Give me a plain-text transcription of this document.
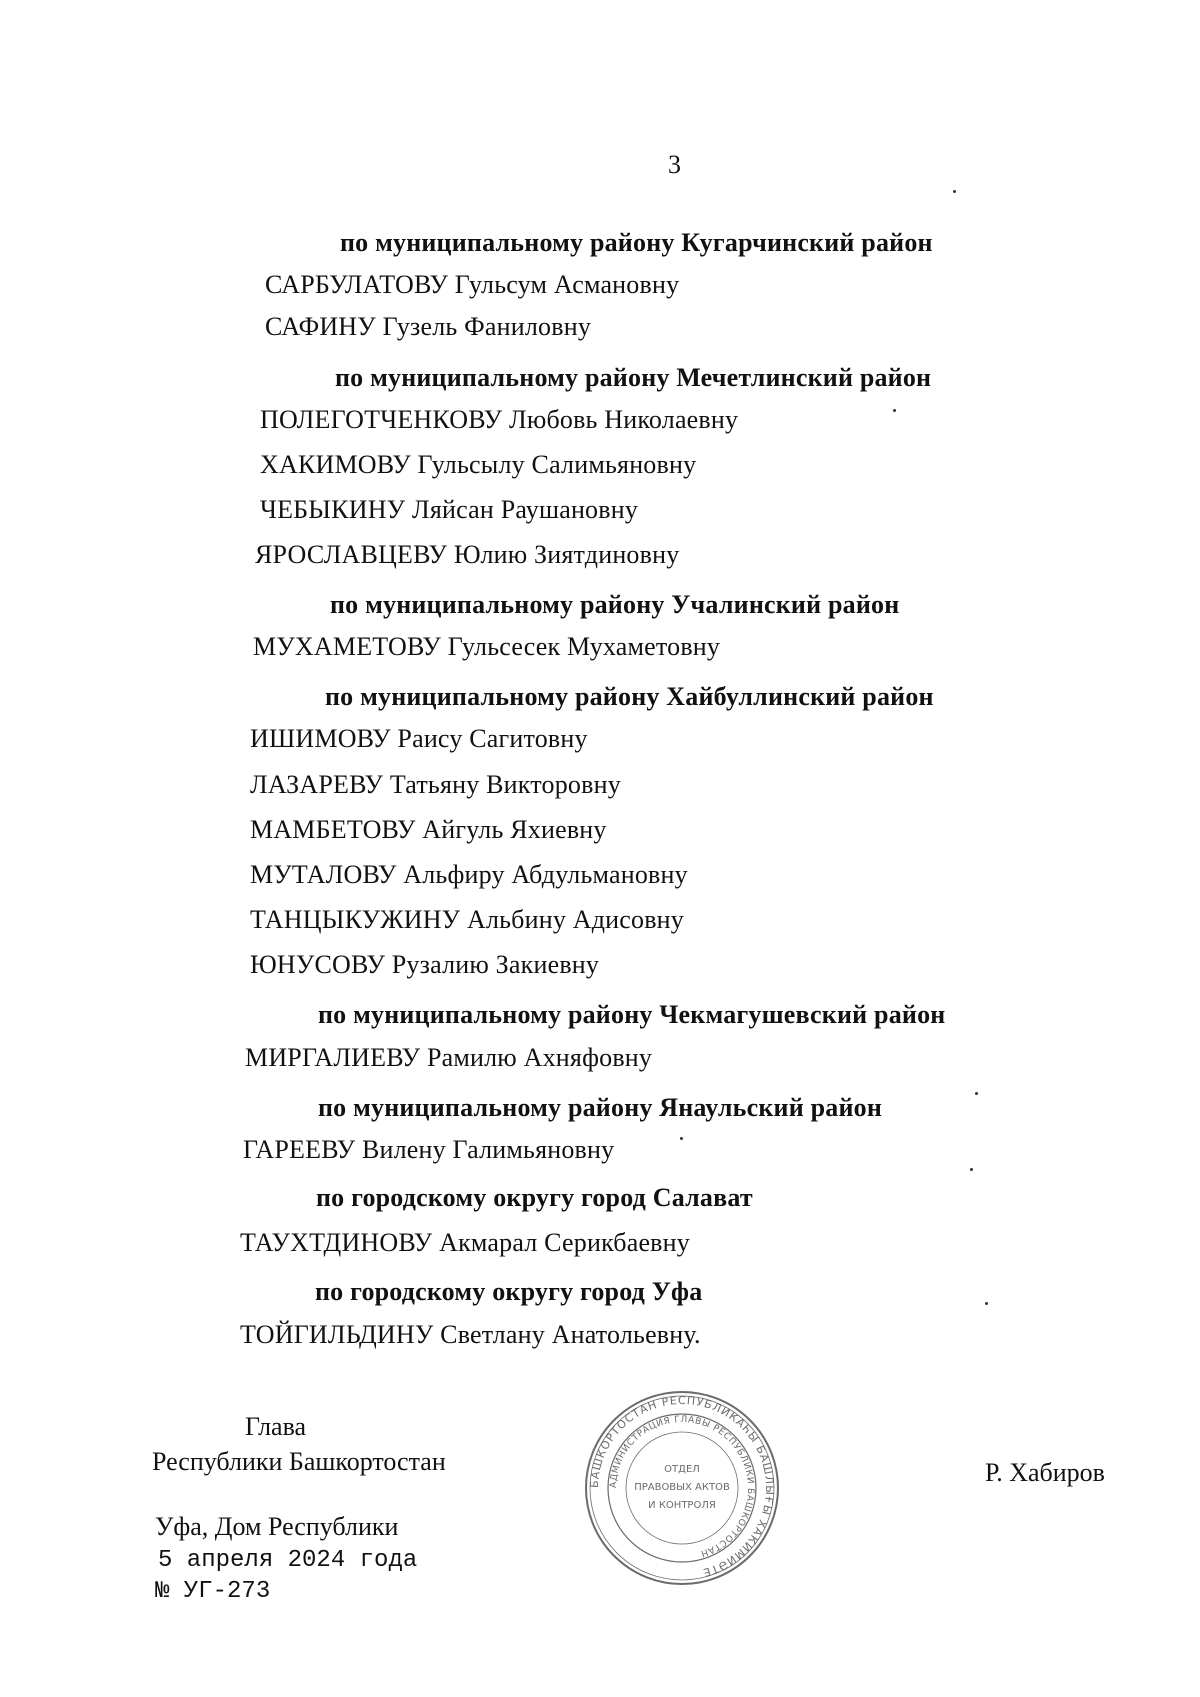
3
по муниципальному району Кугарчинский район
САРБУЛАТОВУ Гульсум Асмановну
САФИНУ Гузель Фаниловну
по муниципальному району Мечетлинский район
ПОЛЕГОТЧЕНКОВУ Любовь Николаевну
ХАКИМОВУ Гульсылу Салимьяновну
ЧЕБЫКИНУ Ляйсан Раушановну
ЯРОСЛАВЦЕВУ Юлию Зиятдиновну
по муниципальному району Учалинский район
МУХАМЕТОВУ Гульсесек Мухаметовну
по муниципальному району Хайбуллинский район
ИШИМОВУ Раису Сагитовну
ЛАЗАРЕВУ Татьяну Викторовну
МАМБЕТОВУ Айгуль Яхиевну
МУТАЛОВУ Альфиру Абдульмановну
ТАНЦЫКУЖИНУ Альбину Адисовну
ЮНУСОВУ Рузалию Закиевну
по муниципальному району Чекмагушевский район
МИРГАЛИЕВУ Рамилю Ахняфовну
по муниципальному району Янаульский район
ГАРЕЕВУ Вилену Галимьяновну
по городскому округу город Салават
ТАУХТДИНОВУ Акмарал Серикбаевну
по городскому округу город Уфа
ТОЙГИЛЬДИНУ Светлану Анатольевну.
Глава
Республики Башкортостан	Р. Хабиров
Уфа, Дом Республики
5 апреля 2024 года
№ УГ-273
БАШКОРТОСТАН РЕСПУБЛИКАҺЫ БАШЛЫҒЫ ХАКИМИӘТЕ
АДМИНИСТРАЦИЯ ГЛАВЫ РЕСПУБЛИКИ БАШКОРТОСТАН
ОТДЕЛ
ПРАВОВЫХ АКТОВ
И КОНТРОЛЯ
